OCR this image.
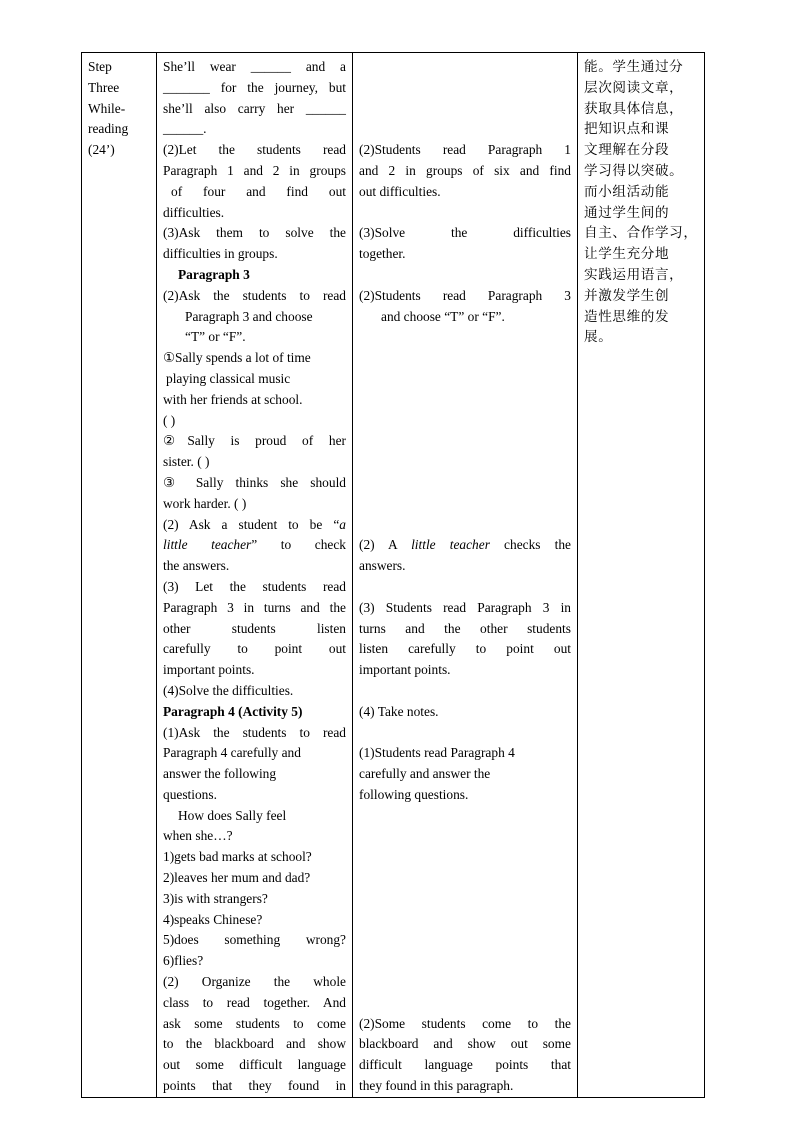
Step
Three
While-
reading
(24’)

She’ll wear ______ and a
_______ for the journey, but
she’ll also carry her ______
______.
(2)Let the students read
Paragraph 1 and 2 in groups
of four and find out
difficulties.
(3)Ask them to solve the
difficulties in groups.
Paragraph 3
(2)Ask the students to read
Paragraph 3 and choose
“T” or “F”.
①Sally spends a lot of time
playing classical music
with her friends at school.
( )
②Sally is proud of her
sister. ( )
③ Sally thinks she should
work harder. ( )
(2) Ask a student to be “a
little teacher” to check
the answers.
(3) Let the students read
Paragraph 3 in turns and the
other students listen
carefully to point out
important points.
(4)Solve the difficulties.
Paragraph 4 (Activity 5)
(1)Ask the students to read
Paragraph 4 carefully and
answer the following
questions.
How does Sally feel
when she…?
1)gets bad marks at school?
2)leaves her mum and dad?
3)is with strangers?
4)speaks Chinese?
5)does something wrong?
6)flies?
(2) Organize the whole
class to read together. And
ask some students to come
to the blackboard and show
out some difficult language
points that they found in

(2)Students read Paragraph 1
and 2 in groups of six and find
out difficulties.
(3)Solve the difficulties
together.
(2)Students read Paragraph 3
and choose “T” or “F”.
(2) A little teacher checks the
answers.
(3) Students read Paragraph 3 in
turns and the other students
listen carefully to point out
important points.
(4) Take notes.
(1)Students read Paragraph 4
carefully and answer the
following questions.
(2)Some students come to the
blackboard and show out some
difficult language points that
they found in this paragraph.

能。学生通过分
层次阅读文章，
获取具体信息，
把知识点和课
文理解在分段
学习得以突破。
而小组活动能
通过学生间的
自主、合作学习，
让学生充分地
实践运用语言，
并激发学生创
造性思维的发
展。
